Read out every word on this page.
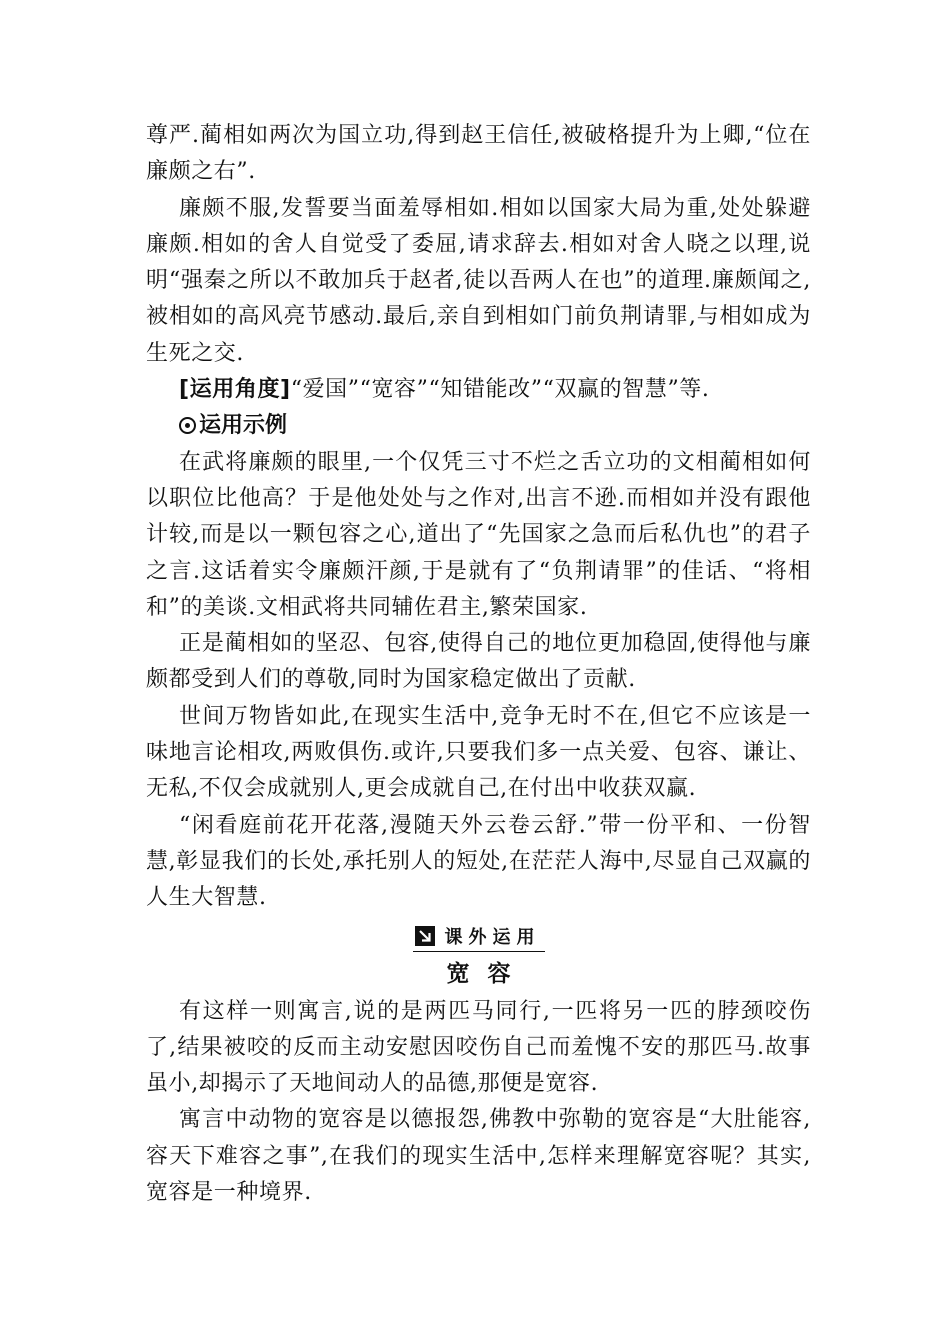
尊严.蔺相如两次为国立功,得到赵王信任,被破格提升为上卿,“位在廉颇之右”.

廉颇不服,发誓要当面羞辱相如.相如以国家大局为重,处处躲避廉颇.相如的舍人自觉受了委屈,请求辞去.相如对舍人晓之以理,说明“强秦之所以不敢加兵于赵者,徒以吾两人在也”的道理.廉颇闻之,被相如的高风亮节感动.最后,亲自到相如门前负荆请罪,与相如成为生死之交.

[运用角度]“爱国”“宽容”“知错能改”“双赢的智慧”等.

运用示例

在武将廉颇的眼里,一个仅凭三寸不烂之舌立功的文相蔺相如何以职位比他高？于是他处处与之作对,出言不逊.而相如并没有跟他计较,而是以一颗包容之心,道出了“先国家之急而后私仇也”的君子之言.这话着实令廉颇汗颜,于是就有了“负荆请罪”的佳话、“将相和”的美谈.文相武将共同辅佐君主,繁荣国家.

正是蔺相如的坚忍、包容,使得自己的地位更加稳固,使得他与廉颇都受到人们的尊敬,同时为国家稳定做出了贡献.

世间万物皆如此,在现实生活中,竞争无时不在,但它不应该是一味地言论相攻,两败俱伤.或许,只要我们多一点关爱、包容、谦让、无私,不仅会成就别人,更会成就自己,在付出中收获双赢.

“闲看庭前花开花落,漫随天外云卷云舒.”带一份平和、一份智慧,彰显我们的长处,承托别人的短处,在茫茫人海中,尽显自己双赢的人生大智慧.

课外运用
宽容

有这样一则寓言,说的是两匹马同行,一匹将另一匹的脖颈咬伤了,结果被咬的反而主动安慰因咬伤自己而羞愧不安的那匹马.故事虽小,却揭示了天地间动人的品德,那便是宽容.

寓言中动物的宽容是以德报怨,佛教中弥勒的宽容是“大肚能容,容天下难容之事”,在我们的现实生活中,怎样来理解宽容呢？其实,宽容是一种境界.
